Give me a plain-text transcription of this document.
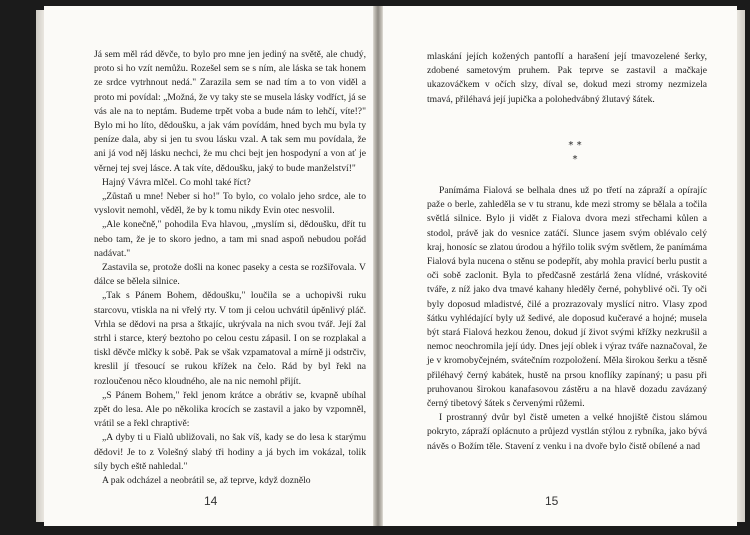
Já sem měl rád děvče, to bylo pro mne jen jediný na světě, ale chudý, proto si ho vzít nemůžu. Rozešel sem se s ním, ale láska se tak honem ze srdce vytrhnout nedá." Zarazila sem se nad tím a to von viděl a proto mi povídal: „Možná, že vy taky ste se musela lásky vodříct, já se vás ale na to neptám. Budeme trpět voba a bude nám to lehčí, víte!?" Bylo mi ho líto, dědoušku, a jak vám povídám, hned bych mu byla ty peníze dala, aby si jen tu svou lásku vzal. A tak sem mu povídala, že ani já vod něj lásku nechci, že mu chci bejt jen hospodyní a von ať je věrnej tej svej lásce. A tak víte, dědoušku, jaký to bude manželství!"

Hajný Vávra mlčel. Co mohl také říct?

„Zůstaň u mne! Neber si ho!" To bylo, co volalo jeho srdce, ale to vyslovit nemohl, věděl, že by k tomu nikdy Evin otec nesvolil.

„Ale konečně," pohodila Eva hlavou, „myslím si, dědoušku, dřít tu nebo tam, že je to skoro jedno, a tam mi snad aspoň nebudou pořád nadávat."

Zastavila se, protože došli na konec paseky a cesta se rozšiřovala. V dálce se bělela silnice.

„Tak s Pánem Bohem, dědoušku," loučila se a uchopivši ruku starcovu, vtiskla na ni vřelý rty. V tom ji celou uchvátil úpěnlivý pláč. Vrhla se dědovi na prsa a štkajíc, ukrývala na nich svou tvář. Její žal strhl i starce, který beztoho po celou cestu zápasil. I on se rozplakal a tiskl děvče mlčky k sobě. Pak se však vzpamatoval a mírně ji odstrčiv, kreslil jí třesoucí se rukou křížek na čelo. Rád by byl řekl na rozloučenou něco kloudného, ale na nic nemohl přijít.

„S Pánem Bohem," řekl jenom krátce a obrátiv se, kvapně ubíhal zpět do lesa. Ale po několika krocích se zastavil a jako by vzpomněl, vrátil se a řekl chraptivě:

„A dyby ti u Fialů ubližovali, no šak víš, kady se do lesa k starýmu dědovi! Je to z Volešný slabý tři hodiny a já bych im vokázal, tolik síly bych eště nahledal."

A pak odcházel a neobrátil se, až teprve, když doznělo

14

mlaskání jejích kožených pantoflí a harašení její tmavozelené šerky, zdobené sametovým pruhem. Pak teprve se zastavil a mačkaje ukazováčkem v očích slzy, díval se, dokud mezi stromy nezmizela tmavá, přiléhavá její jupička a polohedvábný žlutavý šátek.

* *
*

Panímáma Fialová se belhala dnes už po třetí na zápraží a opírajíc paže o berle, zahleděla se v tu stranu, kde mezi stromy se bělala a točila světlá silnice. Bylo ji vidět z Fialova dvora mezi střechami kůlen a stodol, právě jak do vesnice zatáčí. Slunce jasem svým oblévalo celý kraj, honosíc se zlatou úrodou a hýřilo tolik svým světlem, že panímáma Fialová byla nucena o stěnu se podepřít, aby mohla pravicí berlu pustit a oči sobě zaclonit. Byla to předčasně zestárlá žena vlídné, vráskovité tváře, z níž jako dva tmavé kahany hleděly černé, pohyblivé oči. Ty oči byly doposud mladistvé, čilé a prozrazovaly myslící nitro. Vlasy zpod šátku vyhlédající byly už šedivé, ale doposud kučeravé a hojné; musela být stará Fialová hezkou ženou, dokud jí život svými křížky nezkrušil a nemoc neochromila její údy. Dnes její oblek i výraz tváře naznačoval, že je v kromobyčejném, svátečním rozpoložení. Měla širokou šerku a těsně přiléhavý černý kabátek, hustě na prsou knoflíky zapínaný; u pasu při pruhovanou širokou kanafasovou zástěru a na hlavě dozadu zavázaný černý tibetový šátek s červenými růžemi.

I prostranný dvůr byl čistě umeten a velké hnojiště čistou slámou pokryto, zápraží oplácnuto a průjezd vystlán stýlou z rybníka, jako bývá návěs o Božím těle. Stavení z venku i na dvoře bylo čistě obílené a nad

15
